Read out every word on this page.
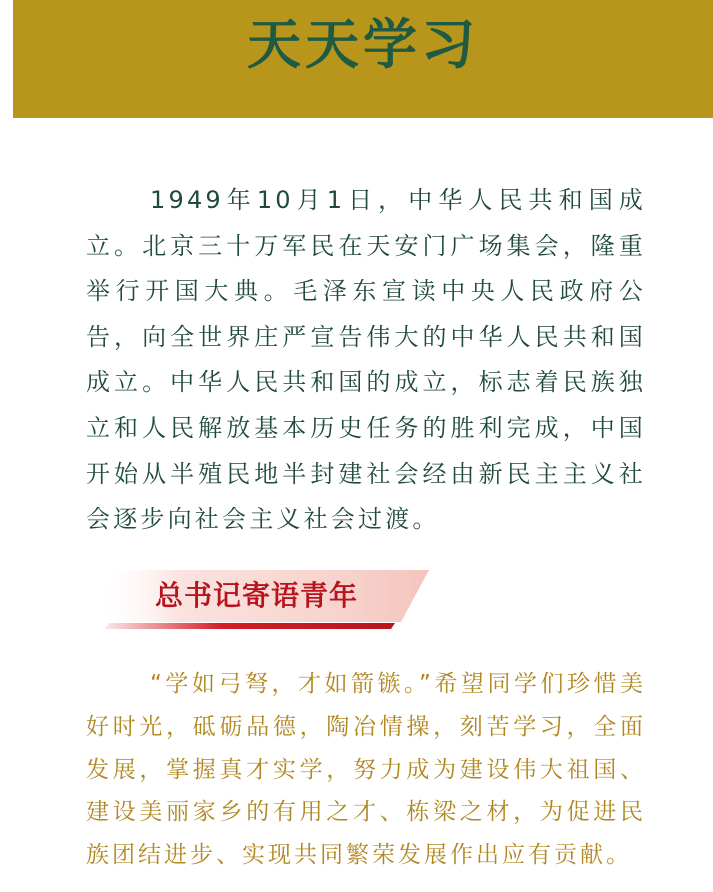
天天学习

1949年10月1日，中华人民共和国成立。北京三十万军民在天安门广场集会，隆重举行开国大典。毛泽东宣读中央人民政府公告，向全世界庄严宣告伟大的中华人民共和国成立。中华人民共和国的成立，标志着民族独立和人民解放基本历史任务的胜利完成，中国开始从半殖民地半封建社会经由新民主主义社会逐步向社会主义社会过渡。

总书记寄语青年

“学如弓弩，才如箭镞。”希望同学们珍惜美好时光，砥砺品德，陶冶情操，刻苦学习，全面发展，掌握真才实学，努力成为建设伟大祖国、建设美丽家乡的有用之才、栋梁之材，为促进民族团结进步、实现共同繁荣发展作出应有贡献。
